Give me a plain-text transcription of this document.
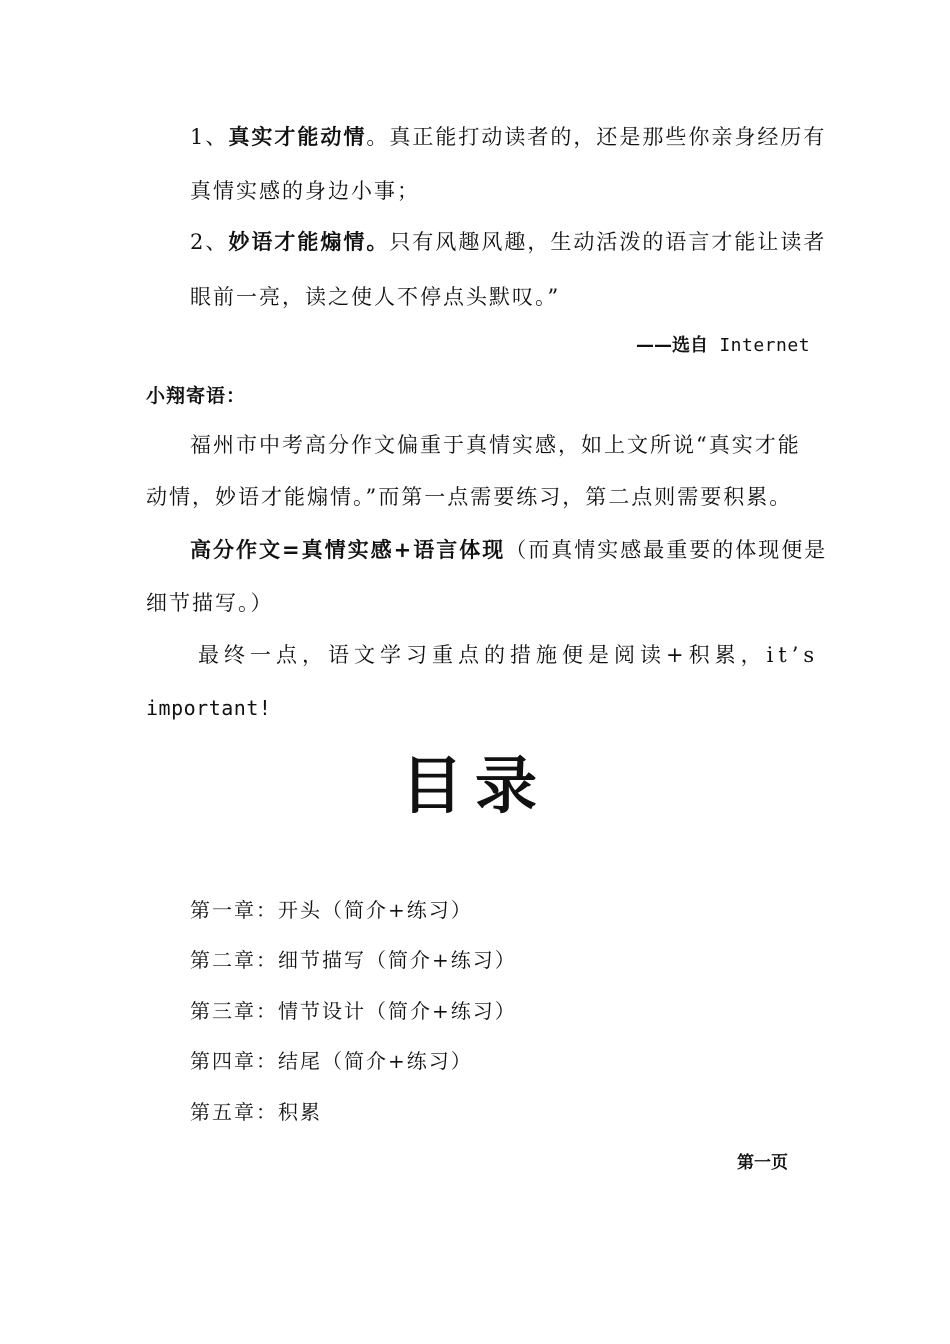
1、真实才能动情。真正能打动读者的，还是那些你亲身经历有
真情实感的身边小事；
2、妙语才能煽情。只有风趣风趣，生动活泼的语言才能让读者
眼前一亮，读之使人不停点头默叹。”
——选自 Internet
小翔寄语：
福州市中考高分作文偏重于真情实感，如上文所说“真实才能
动情，妙语才能煽情。”而第一点需要练习，第二点则需要积累。
高分作文=真情实感+语言体现（而真情实感最重要的体现便是
细节描写。）
最终一点，语文学习重点的措施便是阅读+积累，it’s
important!
目录
第一章：开头（简介+练习）
第二章：细节描写（简介+练习）
第三章：情节设计（简介+练习）
第四章：结尾（简介+练习）
第五章：积累
第一页
